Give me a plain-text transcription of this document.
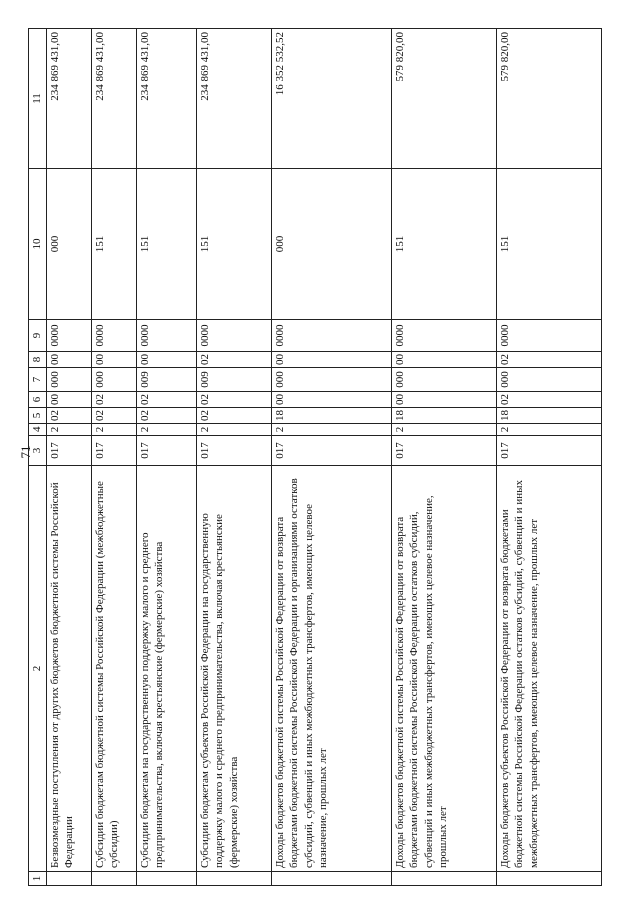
71
1	2	3	4	5	6	7	8	9	10	11
	Безвозмездные поступления от других бюджетов бюджетной системы Российской Федерации	017	2	02	00	000	00	0000	000	234 869 431,00
	Субсидии бюджетам бюджетной системы Российской Федерации (межбюджетные субсидии)	017	2	02	02	000	00	0000	151	234 869 431,00
	Субсидии бюджетам на государственную поддержку малого и среднего предпринимательства, включая крестьянские (фермерские) хозяйства	017	2	02	02	009	00	0000	151	234 869 431,00
	Субсидии бюджетам субъектов Российской Федерации на государственную поддержку малого и среднего предпринимательства, включая крестьянские (фермерские) хозяйства	017	2	02	02	009	02	0000	151	234 869 431,00
	Доходы бюджетов бюджетной системы Российской Федерации от возврата бюджетами бюджетной системы Российской Федерации и организациями остатков субсидий, субвенций и иных межбюджетных трансфертов, имеющих целевое назначение, прошлых лет	017	2	18	00	000	00	0000	000	16 352 532,52
	Доходы бюджетов бюджетной системы Российской Федерации от возврата бюджетами бюджетной системы Российской Федерации остатков субсидий, субвенций и иных межбюджетных трансфертов, имеющих целевое назначение, прошлых лет	017	2	18	00	000	00	0000	151	579 820,00
	Доходы бюджетов субъектов Российской Федерации от возврата бюджетами бюджетной системы Российской Федерации остатков субсидий, субвенций и иных межбюджетных трансфертов, имеющих целевое назначение, прошлых лет	017	2	18	02	000	02	0000	151	579 820,00
